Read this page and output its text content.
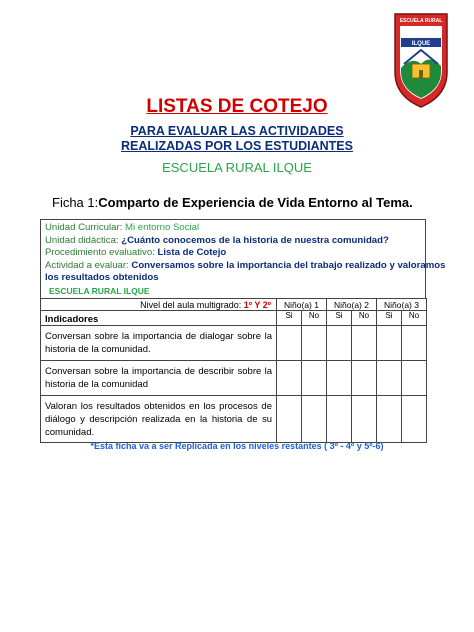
ESCUELA RURAL
ILQUE
LISTAS DE COTEJO
PARA EVALUAR LAS ACTIVIDADES
REALIZADAS POR LOS ESTUDIANTES
ESCUELA RURAL ILQUE
Ficha 1:Comparto de Experiencia de Vida Entorno al Tema.
Unidad Curricular: Mi entorno Social
Unidad didáctica: ¿Cuánto conocemos de la historia de nuestra comunidad?
Procedimiento evaluativo: Lista de Cotejo
Actividad a evaluar: Conversamos sobre la importancia del trabajo realizado y valoramos
los resultados obtenidos
ESCUELA RURAL ILQUE
Nivel del aula multigrado: 1º Y 2º	Niño(a) 1		Niño(a) 2		Niño(a) 3	
	Si	No	Si	No	Si	No
Indicadores						
Conversan sobre la importancia de dialogar sobre la historia de la comunidad.						
Conversan sobre la importancia de describir sobre la historia de la comunidad						
Valoran los resultados obtenidos en los procesos de diálogo y descripción realizada en la historia de su comunidad.						
*Esta ficha va a ser Replicada en los niveles restantes ( 3º - 4º y 5º-6)
